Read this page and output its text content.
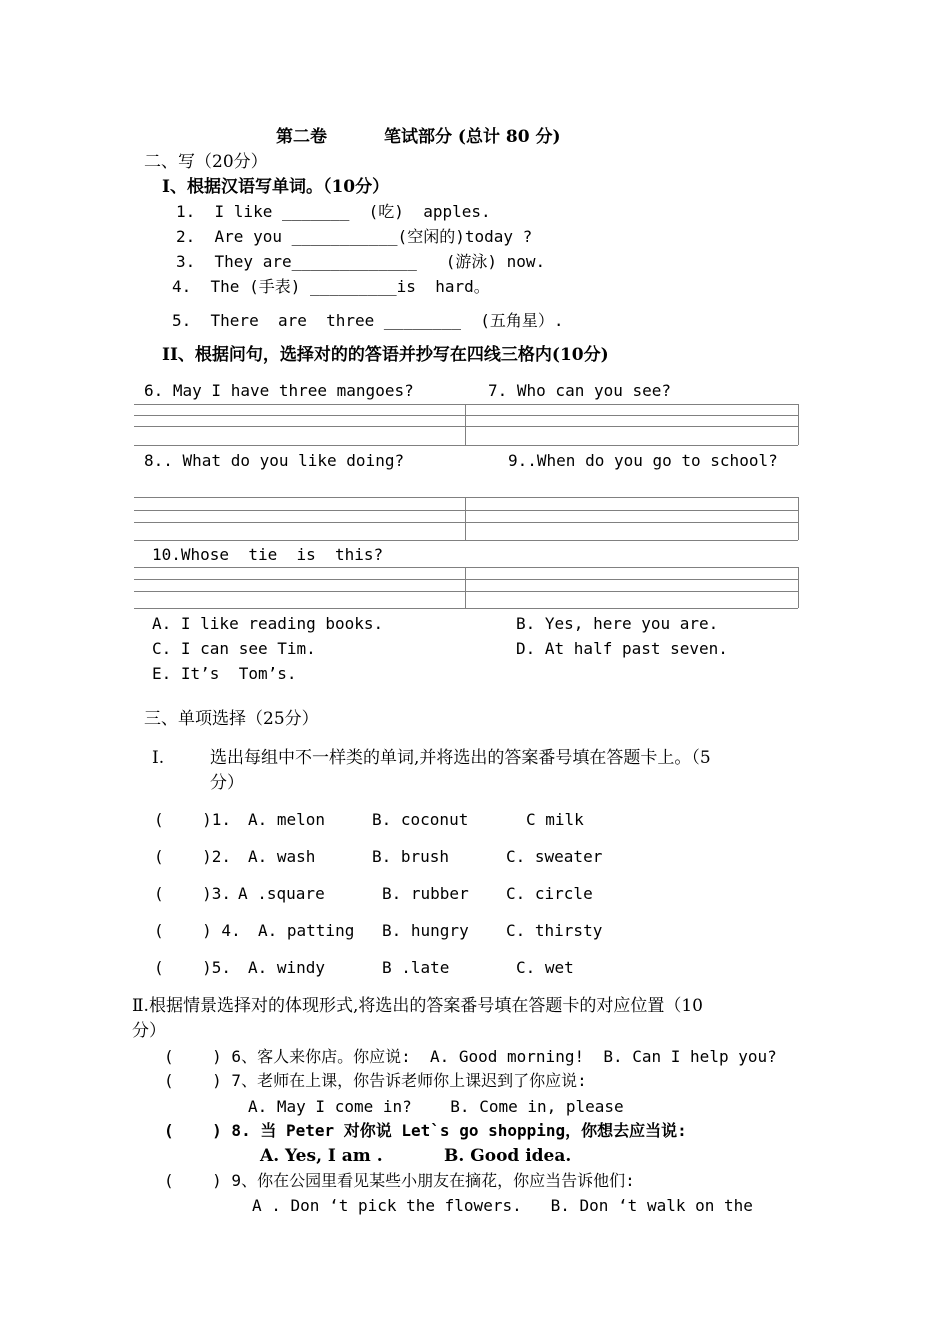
第二卷	笔试部分 (总计 80 分)
二、写（20分）
I、根据汉语写单词。（10分）
1.  I like _______  (吃)  apples.
2.  Are you ___________(空闲的)today ?
3.  They are_____________   (游泳) now.
4.  The (手表) _________is  hard。
5.  There  are  three ________  (五角星）.
II、根据问句，选择对的的答语并抄写在四线三格内(10分)
6. May I have three mangoes?	7. Who can you see?
8.. What do you like doing?	9..When do you go to school?
10.Whose  tie  is  this?
A. I like reading books.	B. Yes, here you are.
C. I can see Tim.	D. At half past seven.
E. It’s  Tom’s.
三、单项选择（25分）
I.	选出每组中不一样类的单词,并将选出的答案番号填在答题卡上。（5
分）
(    )1. A. melon	B. coconut	C milk
(    )2. A. wash	B. brush	C. sweater
(    )3. A .square	B. rubber C. circle
(    ) 4. A. patting B. hungry C. thirsty
(    )5. A. windy	B .late	C. wet
Ⅱ.根据情景选择对的体现形式,将选出的答案番号填在答题卡的对应位置（10
分）
(    ) 6、客人来你店。你应说:  A. Good morning!  B. Can I help you?
(    ) 7、老师在上课，你告诉老师你上课迟到了你应说:
A. May I come in?    B. Come in, please
(    ) 8. 当 Peter 对你说 Let`s go shopping，你想去应当说:
A. Yes, I am .	B. Good idea.
(    ) 9、你在公园里看见某些小朋友在摘花，你应当告诉他们:
A . Don ‘t pick the flowers.   B. Don ‘t walk on the
